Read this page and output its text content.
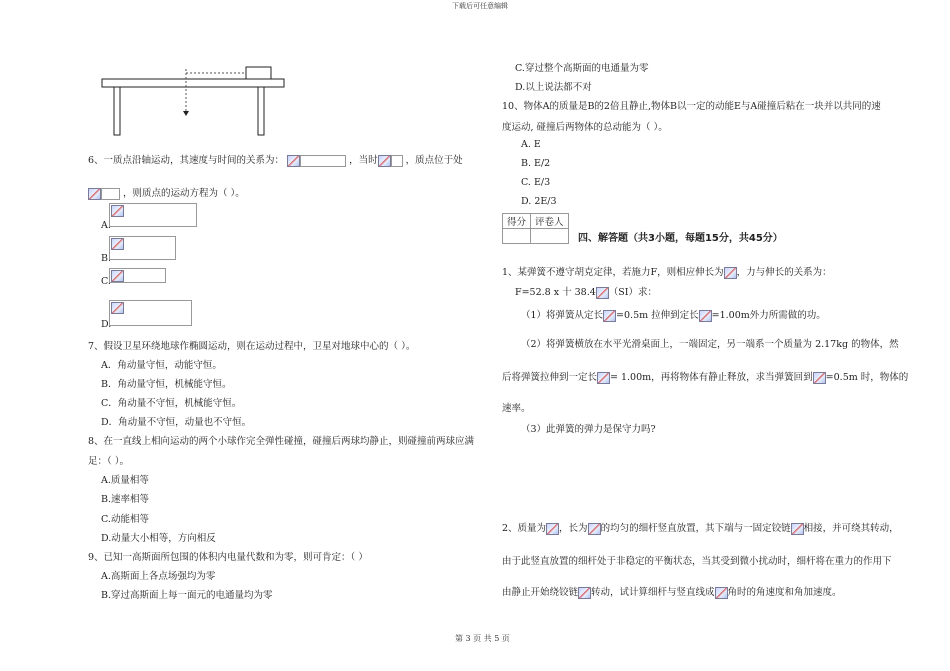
下载后可任意编辑
第 3 页 共 5 页
6、一质点沿轴运动，其速度与时间的关系为：	，当时	，质点位于处
，则质点的运动方程为（ ）。
A.
B.
C.
D.
7、假设卫星环绕地球作椭圆运动，则在运动过程中，卫星对地球中心的（ ）。
A．角动量守恒，动能守恒。
B．角动量守恒，机械能守恒。
C．角动量不守恒，机械能守恒。
D．角动量不守恒，动量也不守恒。
8、在一直线上相向运动的两个小球作完全弹性碰撞，碰撞后两球均静止，则碰撞前两球应满
足：（ ）。
A.质量相等
B.速率相等
C.动能相等
D.动量大小相等，方向相反
9、已知一高斯面所包围的体积内电量代数和为零，则可肯定：（ ）
A.高斯面上各点场强均为零
B.穿过高斯面上每一面元的电通量均为零
C.穿过整个高斯面的电通量为零
D.以上说法都不对
10、物体A的质量是B的2倍且静止,物体B以一定的动能E与A碰撞后粘在一块并以共同的速
度运动, 碰撞后两物体的总动能为（ ）。
A. E
B. E/2
C. E/3
D. 2E/3
得分	评卷人

四、解答题（共3小题，每题15分，共45分）
1、某弹簧不遵守胡克定律，若施力F，则相应伸长为 ，力与伸长的关系为：
F=52.8 x 十 38.4 （SI）求：
（1）将弹簧从定长 =0.5m 拉伸到定长 =1.00m外力所需做的功。
（2）将弹簧横放在水平光滑桌面上，一端固定，另一端系一个质量为 2.17kg 的物体，然
后将弹簧拉伸到一定长 = 1.00m，再将物体有静止释放，求当弹簧回到 =0.5m 时，物体的
速率。
（3）此弹簧的弹力是保守力吗?
2、质量为 ，长为 的均匀的细杆竖直放置，其下端与一固定铰链 相接，并可绕其转动，
由于此竖直放置的细杆处于非稳定的平衡状态，当其受到微小扰动时，细杆将在重力的作用下
由静止开始绕铰链 转动，试计算细杆与竖直线成 角时的角速度和角加速度。
